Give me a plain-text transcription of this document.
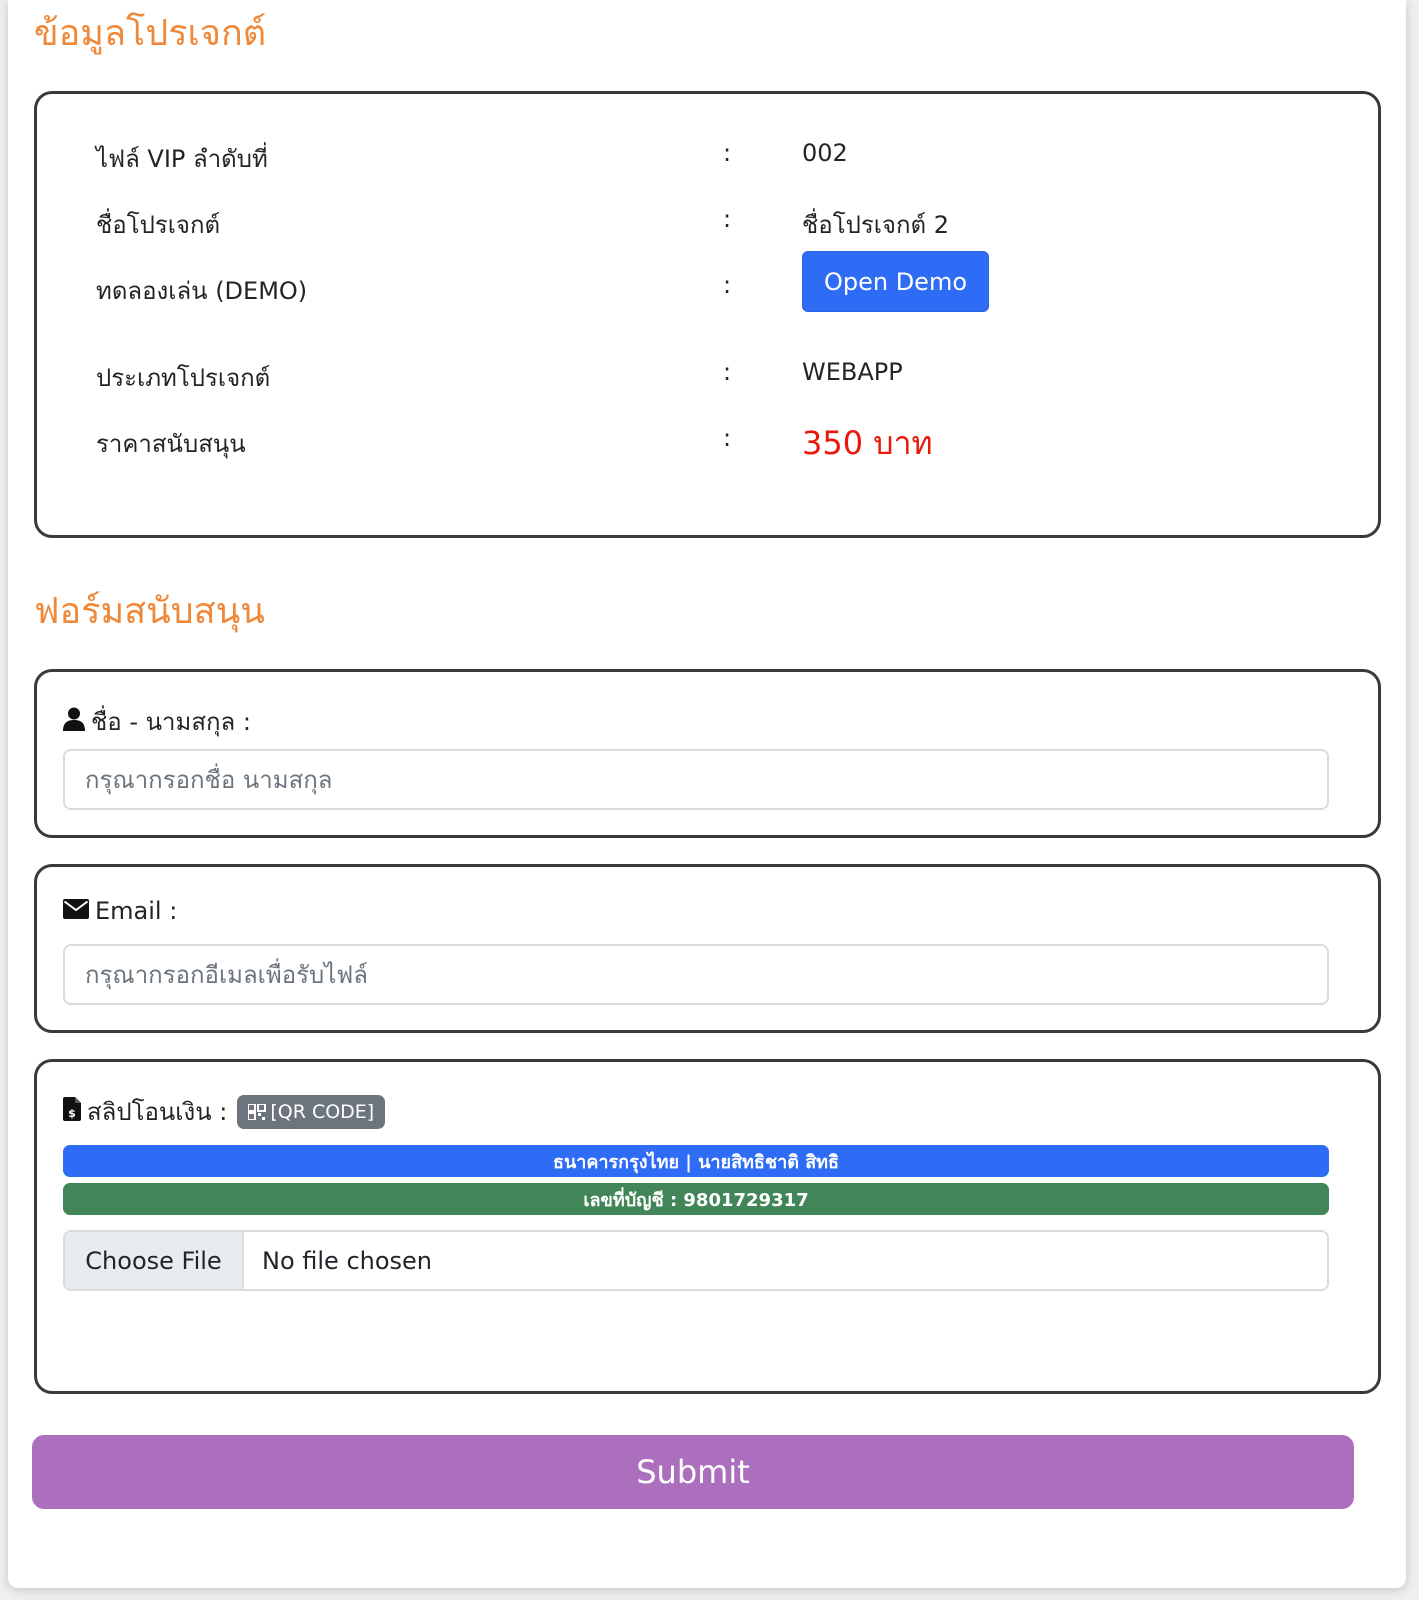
ข้อมูลโปรเจกต์
ไฟล์ VIP ลำดับที่	:	002
ชื่อโปรเจกต์	:	ชื่อโปรเจกต์ 2
ทดลองเล่น (DEMO)	:	Open Demo
ประเภทโปรเจกต์	:	WEBAPP
ราคาสนับสนุน	: 350 บาท
ฟอร์มสนับสนุน
ชื่อ - นามสกุล :
กรุณากรอกชื่อ นามสกุล
Email :
กรุณากรอกอีเมลเพื่อรับไฟล์
$ สลิปโอนเงิน : [QR CODE]
ธนาคารกรุงไทย | นายสิทธิชาติ สิทธิ
เลขที่บัญชี : 9801729317
Choose File	No file chosen
Submit
